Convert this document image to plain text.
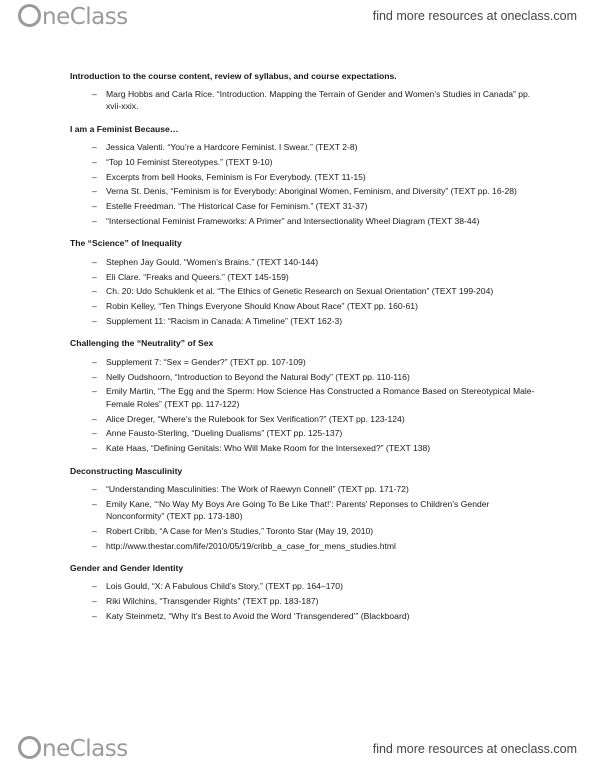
neClass	find more resources at oneclass.com

Introduction to the course content, review of syllabus, and course expectations.

– Marg Hobbs and Carla Rice. “Introduction. Mapping the Terrain of Gender and Women’s Studies in Canada” pp. xvii-xxix.

I am a Feminist Because…

– Jessica Valenti. “You’re a Hardcore Feminist. I Swear.” (TEXT 2-8)
– “Top 10 Feminist Stereotypes.” (TEXT 9-10)
– Excerpts from bell Hooks, Feminism is For Everybody. (TEXT 11-15)
– Verna St. Denis, “Feminism is for Everybody: Aboriginal Women, Feminism, and Diversity” (TEXT pp. 16-28)
– Estelle Freedman. “The Historical Case for Feminism.” (TEXT 31-37)
– “Intersectional Feminist Frameworks: A Primer” and Intersectionality Wheel Diagram (TEXT 38-44)

The “Science” of Inequality

– Stephen Jay Gould. “Women’s Brains.” (TEXT 140-144)
– Eli Clare. “Freaks and Queers.” (TEXT 145-159)
– Ch. 20: Udo Schuklenk et al. “The Ethics of Genetic Research on Sexual Orientation” (TEXT 199-204)
– Robin Kelley, “Ten Things Everyone Should Know About Race” (TEXT pp. 160-61)
– Supplement 11: “Racism in Canada: A Timeline” (TEXT 162-3)

Challenging the “Neutrality” of Sex

– Supplement 7: “Sex = Gender?” (TEXT pp. 107-109)
– Nelly Oudshoorn, “Introduction to Beyond the Natural Body” (TEXT pp. 110-116)
– Emily Martin, “The Egg and the Sperm: How Science Has Constructed a Romance Based on Stereotypical Male-Female Roles” (TEXT pp. 117-122)
– Alice Dreger, “Where’s the Rulebook for Sex Verification?” (TEXT pp. 123-124)
– Anne Fausto-Sterling, “Dueling Dualisms” (TEXT pp. 125-137)
– Kate Haas, “Defining Genitals: Who Will Make Room for the Intersexed?” (TEXT 138)

Deconstructing Masculinity

– “Understanding Masculinities: The Work of Raewyn Connell” (TEXT pp. 171-72)
– Emily Kane, “‘No Way My Boys Are Going To Be Like That!’: Parents’ Reponses to Children’s Gender Nonconformity” (TEXT pp. 173-180)
– Robert Cribb, “A Case for Men’s Studies,” Toronto Star (May 19, 2010)
– http://www.thestar.com/life/2010/05/19/cribb_a_case_for_mens_studies.html

Gender and Gender Identity

– Lois Gould, “X: A Fabulous Child’s Story,” (TEXT pp. 164–170)
– Riki Wilchins, “Transgender Rights” (TEXT pp. 183-187)
– Katy Steinmetz, “Why It’s Best to Avoid the Word ‘Transgendered’” (Blackboard)
neClass	find more resources at oneclass.com
